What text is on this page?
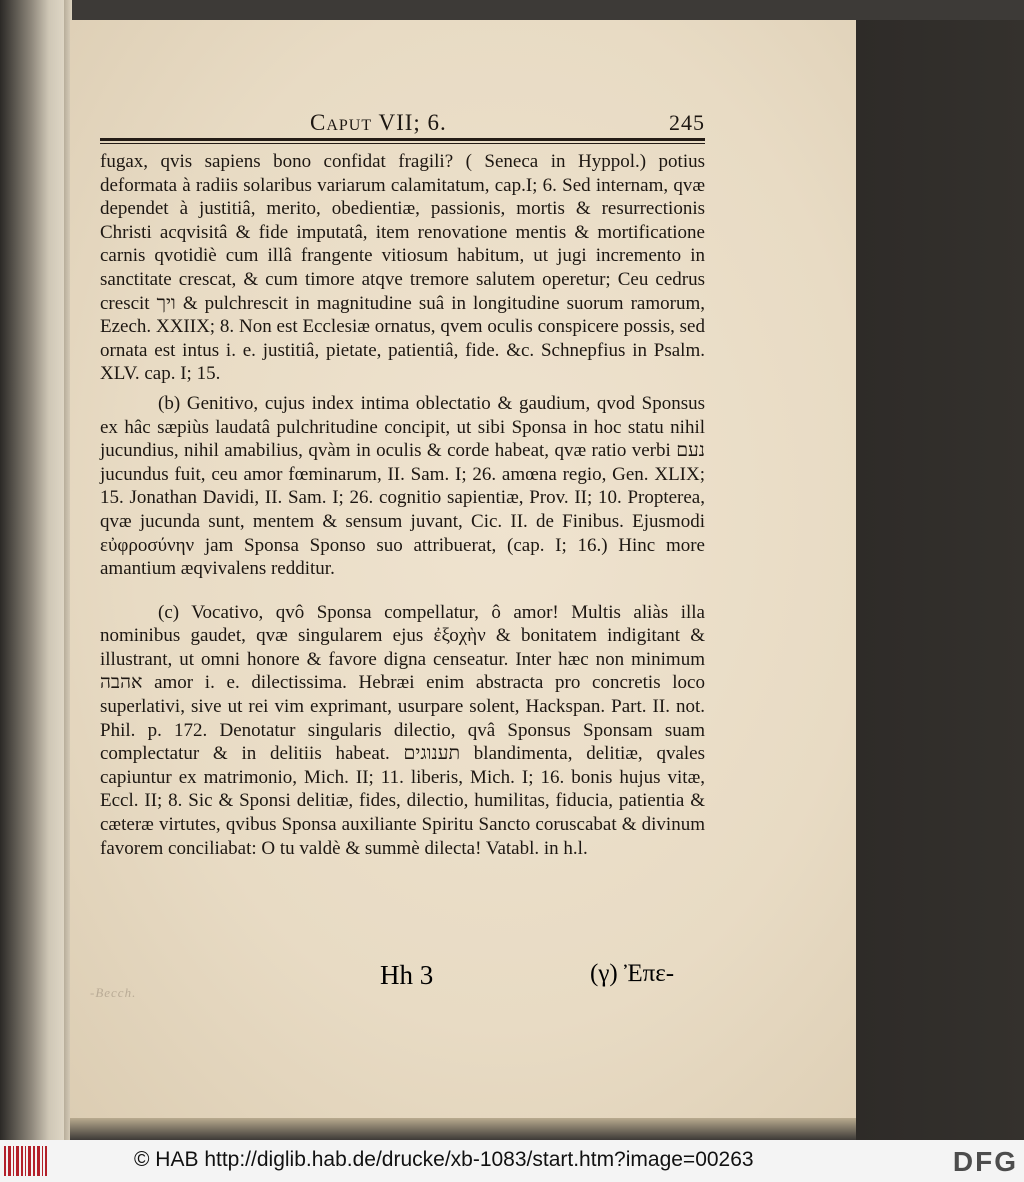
Caput VII; 6.	245

fugax, qvis sapiens bono confidat fragili? ( Seneca in Hyppol.) potius deformata à radiis solaribus variarum calamitatum, cap.I; 6. Sed internam, qvæ dependet à justitiâ, merito, obedientiæ, passionis, mortis & resurrectionis Christi acqvisitâ & fide imputatâ, item renovatione mentis & mortificatione carnis qvotidiè cum illâ frangente vitiosum habitum, ut jugi incremento in sanctitate crescat, & cum timore atqve tremore salutem operetur; Ceu cedrus crescit ויך & pulchrescit in magnitudine suâ in longitudine suorum ramorum, Ezech. XXIIX; 8. Non est Ecclesiæ ornatus, qvem oculis conspicere possis, sed ornata est intus i. e. justitiâ, pietate, patientiâ, fide. &c. Schnepfius in Psalm. XLV. cap. I; 15.

(b) Genitivo, cujus index intima oblectatio & gaudium, qvod Sponsus ex hâc sæpiùs laudatâ pulchritudine concipit, ut sibi Sponsa in hoc statu nihil jucundius, nihil amabilius, qvàm in oculis & corde habeat, qvæ ratio verbi נעם jucundus fuit, ceu amor fœminarum, II. Sam. I; 26. amœna regio, Gen. XLIX; 15. Jonathan Davidi, II. Sam. I; 26. cognitio sapientiæ, Prov. II; 10. Propterea, qvæ jucunda sunt, mentem & sensum juvant, Cic. II. de Finibus. Ejusmodi εὐφροσύνην jam Sponsa Sponso suo attribuerat, (cap. I; 16.) Hinc more amantium æqvivalens redditur.

(c) Vocativo, qvô Sponsa compellatur, ô amor! Multis aliàs illa nominibus gaudet, qvæ singularem ejus ἐξοχὴν & bonitatem indigitant & illustrant, ut omni honore & favore digna censeatur. Inter hæc non minimum אהבה amor i. e. dilectissima. Hebræi enim abstracta pro concretis loco superlativi, sive ut rei vim exprimant, usurpare solent, Hackspan. Part. II. not. Phil. p. 172. Denotatur singularis dilectio, qvâ Sponsus Sponsam suam complectatur & in delitiis habeat. תענוגים blandimenta, delitiæ, qvales capiuntur ex matrimonio, Mich. II; 11. liberis, Mich. I; 16. bonis hujus vitæ, Eccl. II; 8. Sic & Sponsi delitiæ, fides, dilectio, humilitas, fiducia, patientia & cæteræ virtutes, qvibus Sponsa auxiliante Spiritu Sancto coruscabat & divinum favorem conciliabat: O tu valdè & summè dilecta! Vatabl. in h.l.

Hh 3	(γ) Ἐπε-
-Becch.
© HAB http://diglib.hab.de/drucke/xb-1083/start.htm?image=00263	DFG
